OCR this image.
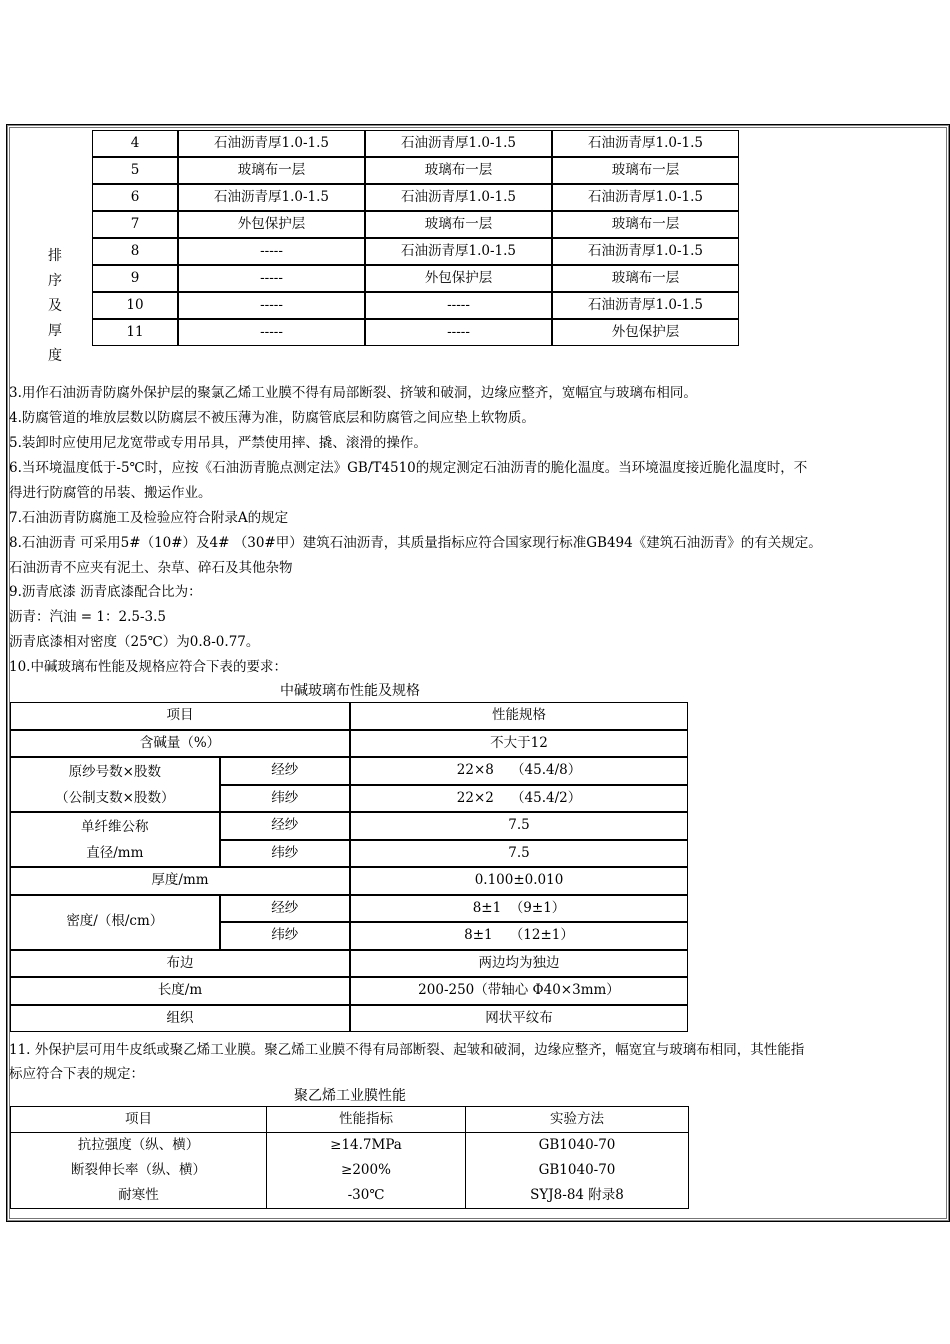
	4	石油沥青厚1.0-1.5	石油沥青厚1.0-1.5	石油沥青厚1.0-1.5
	5	玻璃布一层	玻璃布一层	玻璃布一层
	6	石油沥青厚1.0-1.5	石油沥青厚1.0-1.5	石油沥青厚1.0-1.5
	7	外包保护层	玻璃布一层	玻璃布一层
	8	-----	石油沥青厚1.0-1.5	石油沥青厚1.0-1.5
	9	-----	外包保护层	玻璃布一层
	10	-----	-----	石油沥青厚1.0-1.5
	11	-----	-----	外包保护层
排
序
及
厚
度
3.用作石油沥青防腐外保护层的聚氯乙烯工业膜不得有局部断裂、挤皱和破洞，边缘应整齐，宽幅宜与玻璃布相同。
4.防腐管道的堆放层数以防腐层不被压薄为准，防腐管底层和防腐管之间应垫上软物质。
5.装卸时应使用尼龙宽带或专用吊具，严禁使用摔、撬、滚滑的操作。
6.当环境温度低于-5℃时，应按《石油沥青脆点测定法》GB/T4510的规定测定石油沥青的脆化温度。当环境温度接近脆化温度时，不
得进行防腐管的吊装、搬运作业。
7.石油沥青防腐施工及检验应符合附录A的规定
8.石油沥青 可采用5#（10#）及4# （30#甲）建筑石油沥青，其质量指标应符合国家现行标准GB494《建筑石油沥青》的有关规定。
石油沥青不应夹有泥土、杂草、碎石及其他杂物
9.沥青底漆 沥青底漆配合比为：
沥青：汽油 = 1：2.5-3.5
沥青底漆相对密度（25℃）为0.8-0.77。
10.中碱玻璃布性能及规格应符合下表的要求：
中碱玻璃布性能及规格
项目		性能规格
含碱量（%）		不大于12

原纱号数×股数
（公制支数×股数）	经纱	22×8    （45.4/8）
	纬纱	22×2    （45.4/2）

单纤维公称
直径/mm	经纱	7.5
	纬纱	7.5
厚度/mm		0.100±0.010
密度/（根/cm）	经纱	8±1  （9±1）
	纬纱	8±1    （12±1）
布边		两边均为独边
长度/m		200-250（带轴心 Φ40×3mm）
组织		网状平纹布
11. 外保护层可用牛皮纸或聚乙烯工业膜。聚乙烯工业膜不得有局部断裂、起皱和破洞，边缘应整齐，幅宽宜与玻璃布相同，其性能指
标应符合下表的规定：
聚乙烯工业膜性能
项目	性能指标	实验方法
抗拉强度（纵、横）	≥14.7MPa	GB1040-70
断裂伸长率（纵、横）	≥200%	GB1040-70
耐寒性	-30℃	SYJ8-84 附录8
